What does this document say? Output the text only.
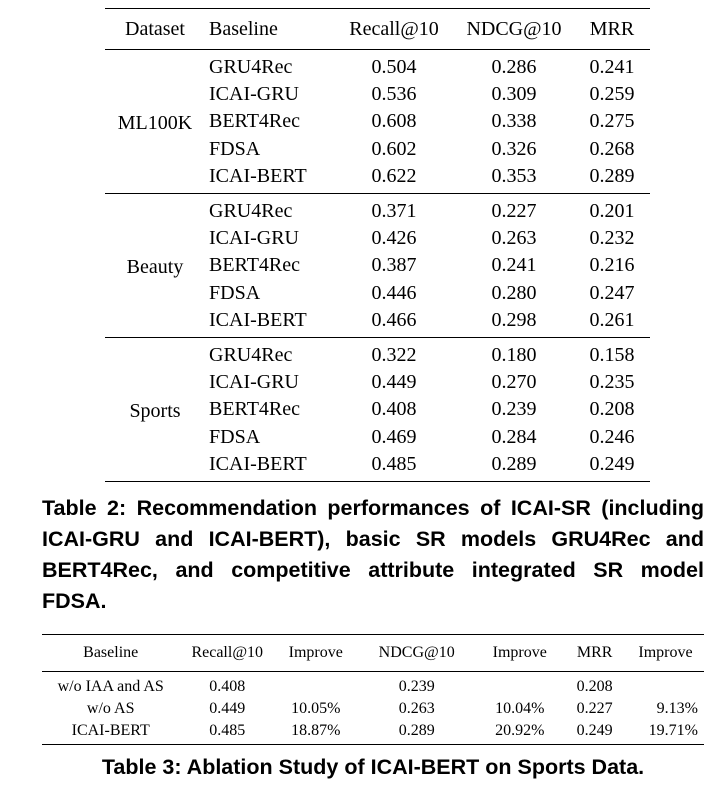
Dataset	Baseline	Recall@10	NDCG@10	MRR
ML100K	GRU4Rec	0.504	0.286	0.241
	ICAI-GRU	0.536	0.309	0.259
	BERT4Rec	0.608	0.338	0.275
	FDSA	0.602	0.326	0.268
	ICAI-BERT	0.622	0.353	0.289
Beauty	GRU4Rec	0.371	0.227	0.201
	ICAI-GRU	0.426	0.263	0.232
	BERT4Rec	0.387	0.241	0.216
	FDSA	0.446	0.280	0.247
	ICAI-BERT	0.466	0.298	0.261
Sports	GRU4Rec	0.322	0.180	0.158
	ICAI-GRU	0.449	0.270	0.235
	BERT4Rec	0.408	0.239	0.208
	FDSA	0.469	0.284	0.246
	ICAI-BERT	0.485	0.289	0.249

Table 2: Recommendation performances of ICAI-SR (including ICAI-GRU and ICAI-BERT), basic SR models GRU4Rec and BERT4Rec, and competitive attribute integrated SR model FDSA.

Baseline	Recall@10	Improve	NDCG@10	Improve	MRR	Improve
w/o IAA and AS	0.408		0.239		0.208	
w/o AS	0.449	10.05%	0.263	10.04%	0.227	9.13%
ICAI-BERT	0.485	18.87%	0.289	20.92%	0.249	19.71%

Table 3: Ablation Study of ICAI-BERT on Sports Data.
